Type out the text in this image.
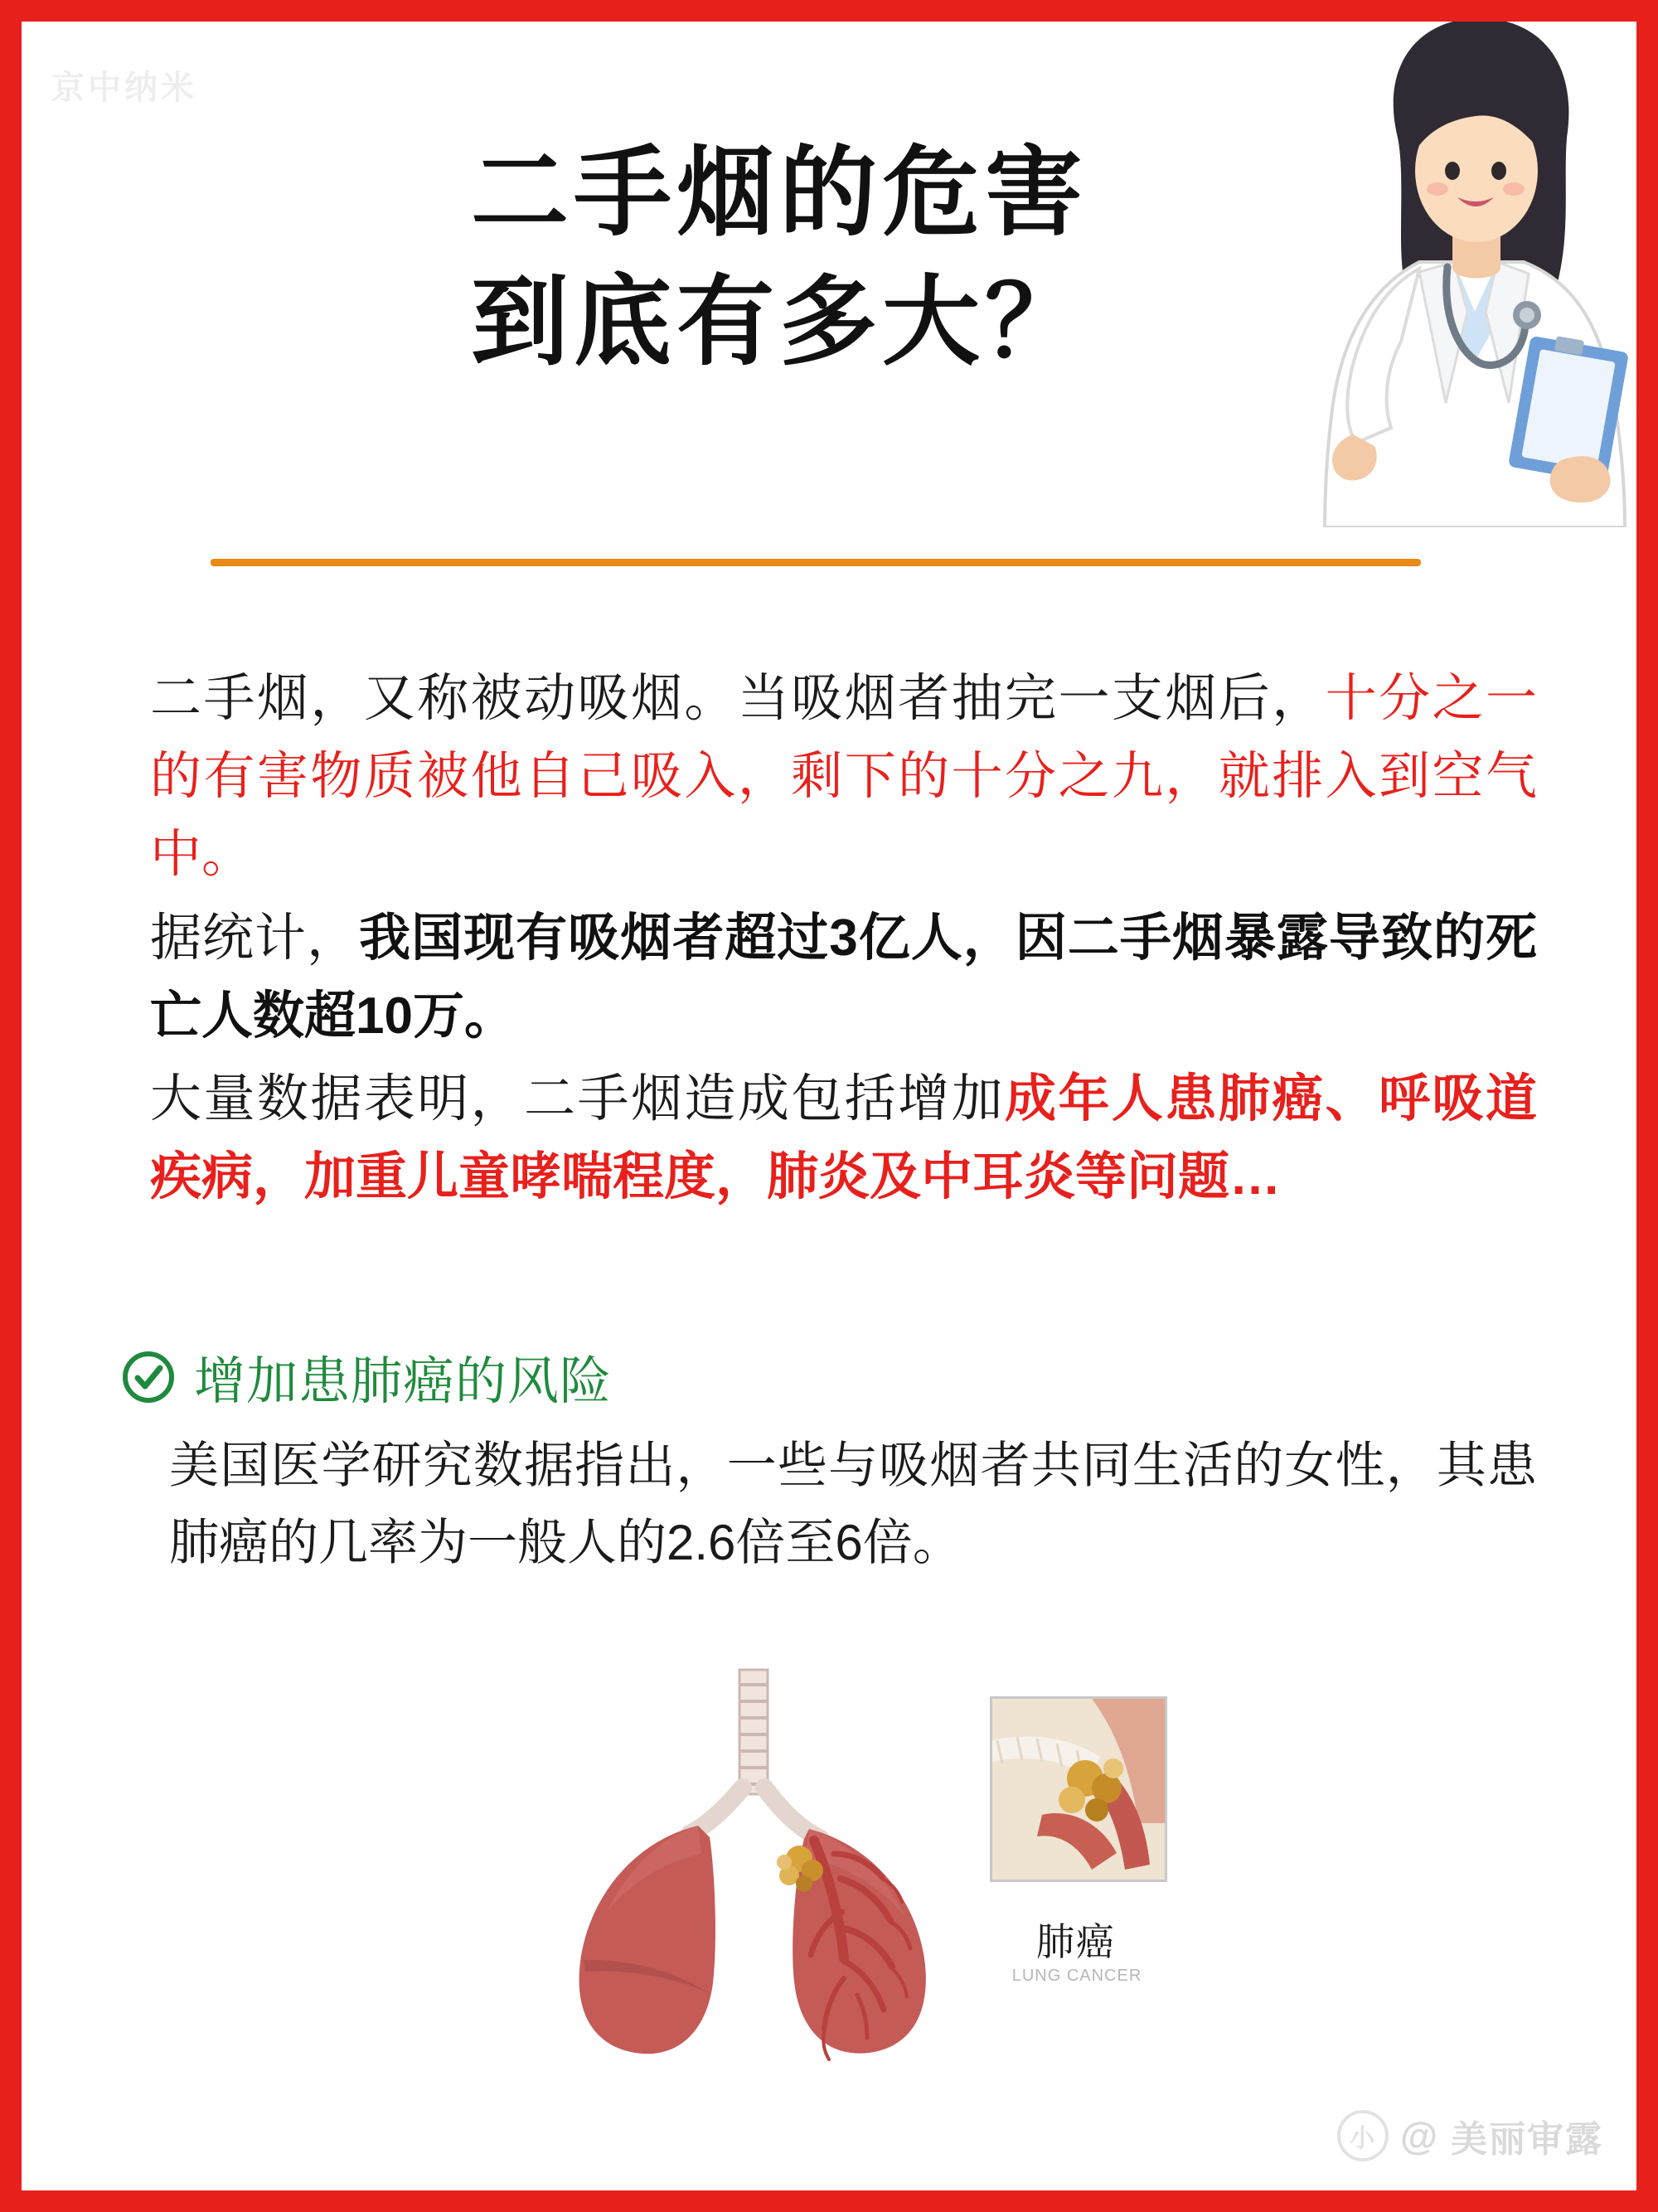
京中纳米
二手烟的危害
到底有多大？
二手烟，又称被动吸烟。当吸烟者抽完一支烟后，十分之一的有害物质被他自己吸入，剩下的十分之九，就排入到空气中。
据统计，我国现有吸烟者超过3亿人，因二手烟暴露导致的死亡人数超10万。
大量数据表明，二手烟造成包括增加成年人患肺癌、呼吸道疾病，加重儿童哮喘程度，肺炎及中耳炎等问题…
增加患肺癌的风险
美国医学研究数据指出，一些与吸烟者共同生活的女性，其患肺癌的几率为一般人的2.6倍至6倍。
肺癌
LUNG CANCER
小 @ 美丽审露
